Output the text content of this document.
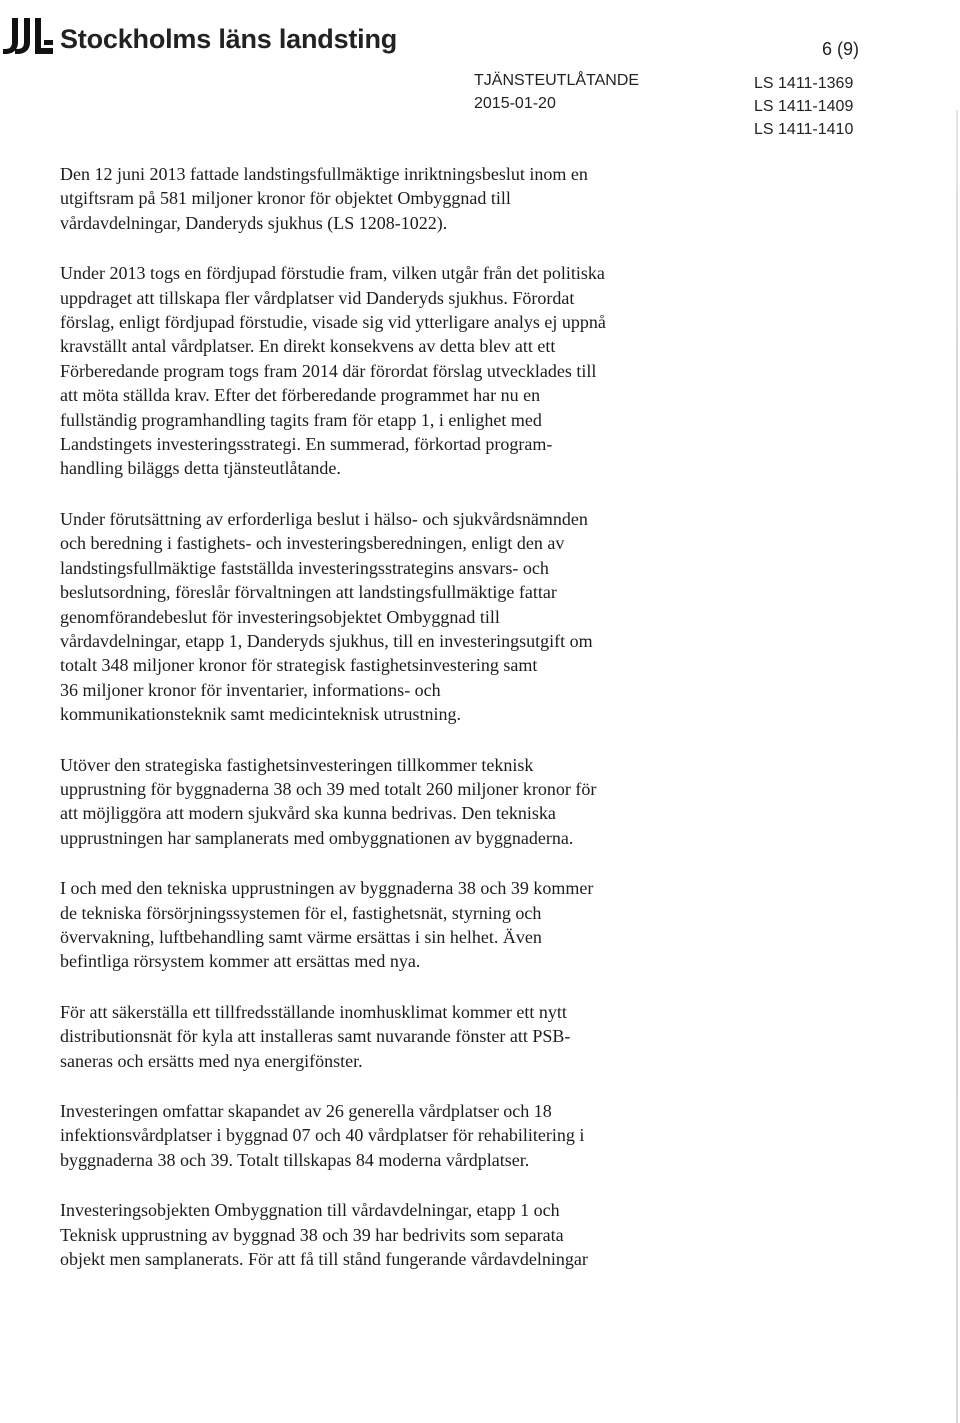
Stockholms läns landsting	6 (9)
TJÄNSTEUTLÅTANDE
2015-01-20
LS 1411-1369
LS 1411-1409
LS 1411-1410

Den 12 juni 2013 fattade landstingsfullmäktige inriktningsbeslut inom en
utgiftsram på 581 miljoner kronor för objektet Ombyggnad till
vårdavdelningar, Danderyds sjukhus (LS 1208-1022).

Under 2013 togs en fördjupad förstudie fram, vilken utgår från det politiska
uppdraget att tillskapa fler vårdplatser vid Danderyds sjukhus. Förordat
förslag, enligt fördjupad förstudie, visade sig vid ytterligare analys ej uppnå
kravställt antal vårdplatser. En direkt konsekvens av detta blev att ett
Förberedande program togs fram 2014 där förordat förslag utvecklades till
att möta ställda krav. Efter det förberedande programmet har nu en
fullständig programhandling tagits fram för etapp 1, i enlighet med
Landstingets investeringsstrategi. En summerad, förkortad program-
handling biläggs detta tjänsteutlåtande.

Under förutsättning av erforderliga beslut i hälso- och sjukvårdsnämnden
och beredning i fastighets- och investeringsberedningen, enligt den av
landstingsfullmäktige fastställda investeringsstrategins ansvars- och
beslutsordning, föreslår förvaltningen att landstingsfullmäktige fattar
genomförandebeslut för investeringsobjektet Ombyggnad till
vårdavdelningar, etapp 1, Danderyds sjukhus, till en investeringsutgift om
totalt 348 miljoner kronor för strategisk fastighetsinvestering samt
36 miljoner kronor för inventarier, informations- och
kommunikationsteknik samt medicinteknisk utrustning.

Utöver den strategiska fastighetsinvesteringen tillkommer teknisk
upprustning för byggnaderna 38 och 39 med totalt 260 miljoner kronor för
att möjliggöra att modern sjukvård ska kunna bedrivas. Den tekniska
upprustningen har samplanerats med ombyggnationen av byggnaderna.

I och med den tekniska upprustningen av byggnaderna 38 och 39 kommer
de tekniska försörjningssystemen för el, fastighetsnät, styrning och
övervakning, luftbehandling samt värme ersättas i sin helhet. Även
befintliga rörsystem kommer att ersättas med nya.

För att säkerställa ett tillfredsställande inomhusklimat kommer ett nytt
distributionsnät för kyla att installeras samt nuvarande fönster att PSB-
saneras och ersätts med nya energifönster.

Investeringen omfattar skapandet av 26 generella vårdplatser och 18
infektionsvårdplatser i byggnad 07 och 40 vårdplatser för rehabilitering i
byggnaderna 38 och 39. Totalt tillskapas 84 moderna vårdplatser.

Investeringsobjekten Ombyggnation till vårdavdelningar, etapp 1 och
Teknisk upprustning av byggnad 38 och 39 har bedrivits som separata
objekt men samplanerats. För att få till stånd fungerande vårdavdelningar
